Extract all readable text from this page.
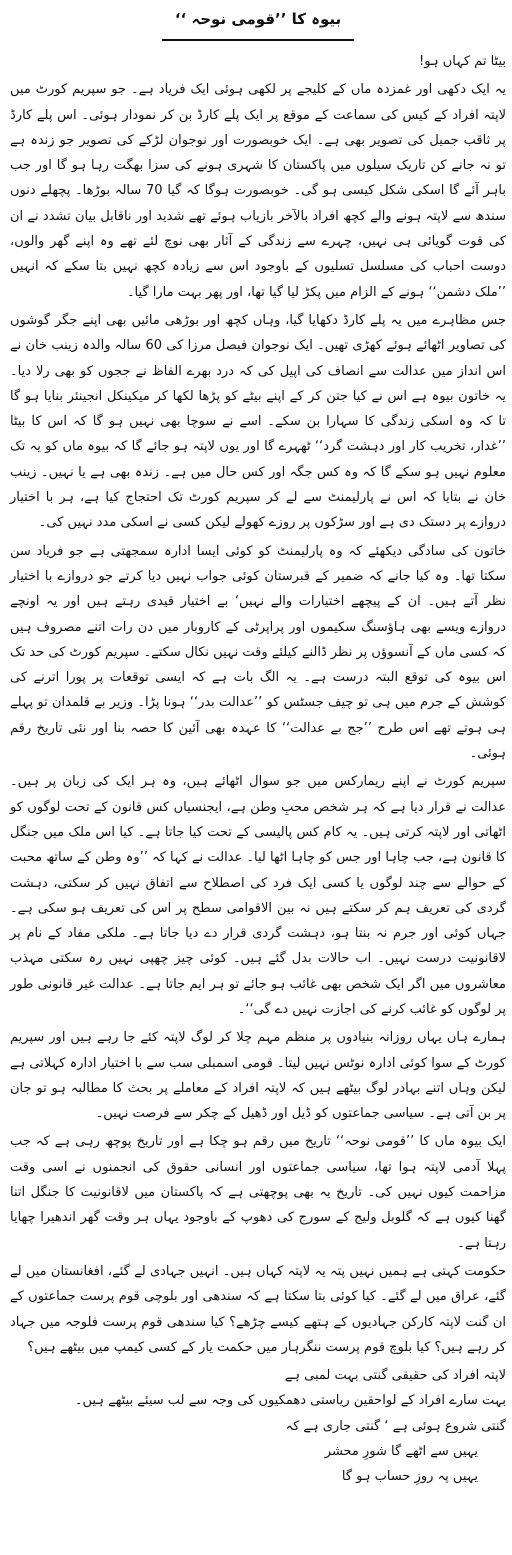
بیوہ کا ’’قومی نوحہ ‘‘

بیٹا تم کہاں ہو!

یہ ایک دکھی اور غمزدہ ماں کے کلیجے پر لکھی ہوئی ایک فریاد ہے۔ جو سپریم کورٹ میں لاپتہ افراد کے کیس کی سماعت کے موقع پر ایک پلے کارڈ بن کر نمودار ہوئی۔ اس پلے کارڈ پر ثاقب جمیل کی تصویر بھی ہے۔ ایک خوبصورت اور نوجوان لڑکے کی تصویر جو زندہ ہے تو نہ جانے کن تاریک سیلوں میں پاکستان کا شہری ہونے کی سزا بھگت رہا ہو گا اور جب باہر آئے گا اسکی شکل کیسی ہو گی۔ خوبصورت ہوگا کہ گیا 70 سالہ بوڑھا۔ پچھلے دنوں سندھ سے لاپتہ ہونے والے کچھ افراد بالآخر بازیاب ہوئے تھے شدید اور ناقابل بیان تشدد نے ان کی قوت گویائی ہی نہیں، چہرے سے زندگی کے آثار بھی نوچ لئے تھے وہ اپنے گھر والوں، دوست احباب کی مسلسل تسلیوں کے باوجود اس سے زیادہ کچھ نہیں بتا سکے کہ انہیں ’’ملک دشمن‘‘ ہونے کے الزام میں پکڑ لیا گیا تھا، اور پھر بہت مارا گیا۔

جس مظاہرے میں یہ پلے کارڈ دکھایا گیا، وہاں کچھ اور بوڑھی مائیں بھی اپنے جگر گوشوں کی تصاویر اٹھائے ہوئے کھڑی تھیں۔ ایک نوجوان فیصل مرزا کی 60 سالہ والدہ زینب خان نے اس انداز میں عدالت سے انصاف کی اپیل کی کہ درد بھرے الفاظ نے ججوں کو بھی رلا دیا۔ یہ خاتون بیوہ ہے اس نے کیا جتن کر کے اپنے بیٹے کو پڑھا لکھا کر میکینکل انجینئر بنایا ہو گا تا کہ وہ اسکی زندگی کا سہارا بن سکے۔ اسے نے سوچا بھی نہیں ہو گا کہ اس کا بیٹا ’’غدار، تخریب کار اور دہشت گرد‘‘ ٹھہرے گا اور یوں لاپتہ ہو جائے گا کہ بیوہ ماں کو یہ تک معلوم نہیں ہو سکے گا کہ وہ کس جگہ اور کس حال میں ہے۔ زندہ بھی ہے یا نہیں۔ زینب خان نے بتایا کہ اس نے پارلیمنٹ سے لے کر سپریم کورٹ تک احتجاج کیا ہے، ہر با اختیار دروازے پر دستک دی ہے اور سڑکوں پر روزے کھولے لیکن کسی نے اسکی مدد نہیں کی۔

خاتون کی سادگی دیکھئے کہ وہ پارلیمنٹ کو کوئی ایسا ادارہ سمجھتی ہے جو فریاد سن سکتا تھا۔ وہ کیا جانے کہ ضمیر کے قبرستان کوئی جواب نہیں دیا کرتے جو دروازے با اختیار نظر آتے ہیں۔ ان کے پیچھے اختیارات والے نہیں‘ بے اختیار قیدی رہتے ہیں اور یہ اونچے دروازے ویسے بھی ہاؤسنگ سکیموں اور پراپرٹی کے کاروبار میں دن رات اتنے مصروف ہیں کہ کسی ماں کے آنسوؤں پر نظر ڈالنے کیلئے وقت نہیں نکال سکتے۔ سپریم کورٹ کی حد تک اس بیوہ کی توقع البتہ درست ہے۔ یہ الگ بات ہے کہ ایسی توقعات پر پورا اترنے کی کوشش کے جرم میں ہی تو چیف جسٹس کو ’’عدالت بدر‘‘ ہونا پڑا۔ وزیر بے قلمدان تو پہلے ہی ہوتے تھے اس طرح ’’جج بے عدالت‘‘ کا عہدہ بھی آئین کا حصہ بنا اور نئی تاریخ رقم ہوئی۔

سپریم کورٹ نے اپنے ریمارکس میں جو سوال اٹھائے ہیں، وہ ہر ایک کی زبان پر ہیں۔ عدالت نے قرار دیا ہے کہ ہر شخص محبِ وطن ہے، ایجنسیاں کس قانون کے تحت لوگوں کو اٹھاتی اور لاپتہ کرتی ہیں۔ یہ کام کس پالیسی کے تحت کیا جاتا ہے۔ کیا اس ملک میں جنگل کا قانون ہے، جب چاہا اور جس کو چاہا اٹھا لیا۔ عدالت نے کہا کہ ’’وہ وطن کے ساتھ محبت کے حوالے سے چند لوگوں یا کسی ایک فرد کی اصطلاح سے اتفاق نہیں کر سکتی، دہشت گردی کی تعریف ہم کر سکتے ہیں نہ بین الاقوامی سطح پر اس کی تعریف ہو سکی ہے۔ جہاں کوئی اور جرم نہ بنتا ہو، دہشت گردی قرار دے دیا جاتا ہے۔ ملکی مفاد کے نام پر لاقانونیت درست نہیں۔ اب حالات بدل گئے ہیں۔ کوئی چیز چھپی نہیں رہ سکتی مہذب معاشروں میں اگر ایک شخص بھی غائب ہو جائے تو ہر ایم جاتا ہے۔ عدالت غیر قانونی طور پر لوگوں کو غائب کرنے کی اجازت نہیں دے گی‘‘۔

ہمارے ہاں یہاں روزانہ بنیادوں پر منظم مہم چلا کر لوگ لاپتہ کئے جا رہے ہیں اور سپریم کورٹ کے سوا کوئی ادارہ نوٹس نہیں لیتا۔ قومی اسمبلی سب سے با اختیار ادارہ کہلاتی ہے لیکن وہاں اتنے بہادر لوگ بیٹھے ہیں کہ لاپتہ افراد کے معاملے پر بحث کا مطالبہ ہو تو جان پر بن آتی ہے۔ سیاسی جماعتوں کو ڈیل اور ڈھیل کے چکر سے فرصت نہیں۔

ایک بیوہ ماں کا ’’قومی نوحہ‘‘ تاریخ میں رقم ہو چکا ہے اور تاریخ پوچھ رہی ہے کہ جب پہلا آدمی لاپتہ ہوا تھا، سیاسی جماعتوں اور انسانی حقوق کی انجمنوں نے اسی وقت مزاحمت کیوں نہیں کی۔ تاریخ یہ بھی پوچھتی ہے کہ پاکستان میں لاقانونیت کا جنگل اتنا گھنا کیوں ہے کہ گلوبل ولیج کے سورج کی دھوپ کے باوجود یہاں ہر وقت گھر اندھیرا چھایا رہتا ہے۔

حکومت کہتی ہے ہمیں نہیں پتہ یہ لاپتہ کہاں ہیں۔ انہیں جہادی لے گئے، افغانستان میں لے گئے، عراق میں لے گئے۔ کیا کوئی بتا سکتا ہے کہ سندھی اور بلوچی قوم پرست جماعتوں کے ان گنت لاپتہ کارکن جہادیوں کے ہتھے کیسے چڑھے؟ کیا سندھی قوم پرست فلوجہ میں جہاد کر رہے ہیں؟ کیا بلوچ قوم پرست ننگرہار میں حکمت یار کے کسی کیمپ میں بیٹھے ہیں؟

لاپتہ افراد کی حقیقی گنتی بہت لمبی ہے
بہت سارے افراد کے لواحقین ریاستی دھمکیوں کی وجہ سے لب سیئے بیٹھے ہیں۔
گنتی شروع ہوئی ہے ‘ گنتی جاری ہے کہ
یہیں سے اٹھے گا شورِ محشر
یہیں پہ روزِ حساب ہو گا
